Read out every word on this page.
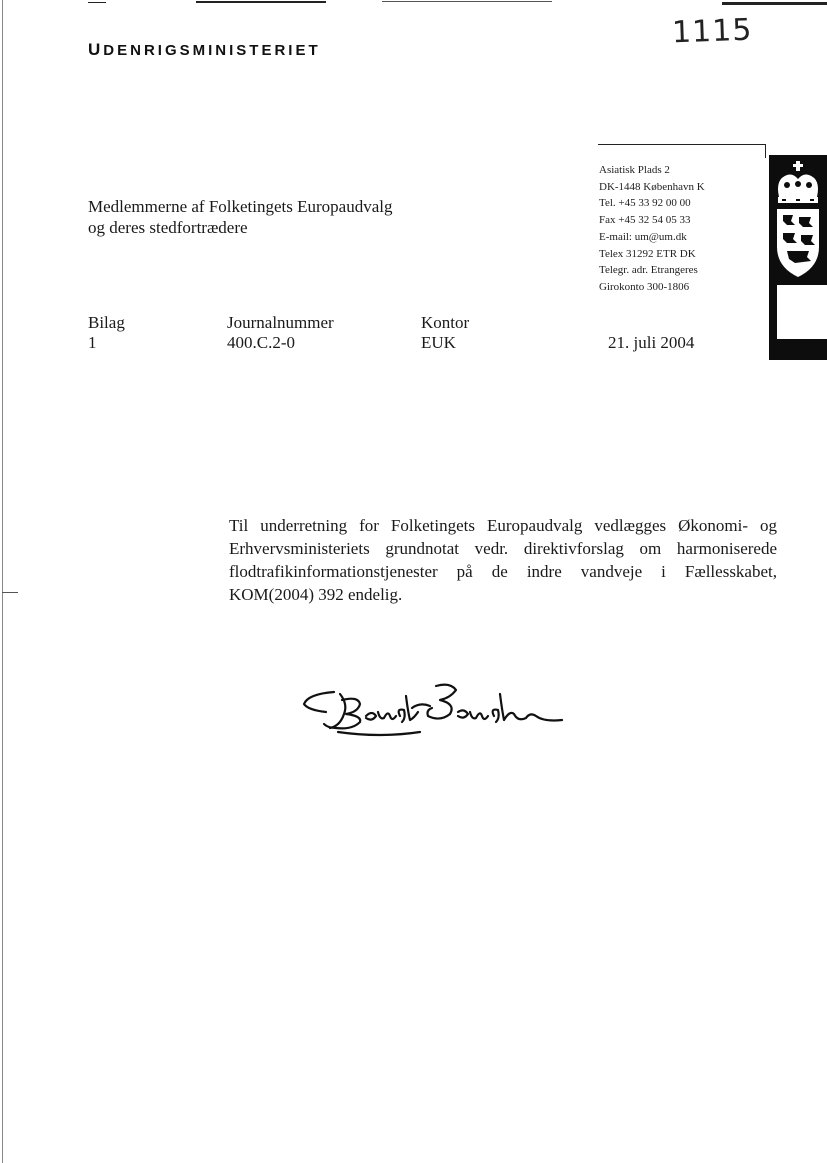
UDENRIGSMINISTERIET
1115
Medlemmerne af Folketingets Europaudvalg
og deres stedfortrædere
Asiatisk Plads 2
DK-1448 København K
Tel. +45 33 92 00 00
Fax +45 32 54 05 33
E-mail: um@um.dk
Telex 31292 ETR DK
Telegr. adr. Etrangeres
Girokonto 300-1806
Bilag
1
Journalnummer
400.C.2-0
Kontor
EUK	21. juli 2004
Til underretning for Folketingets Europaudvalg vedlægges Økonomi- og Erhvervsministeriets grundnotat vedr. direktivforslag om harmoniserede flodtrafikinformationstjenester på de indre vandveje i Fællesskabet, KOM(2004) 392 endelig.
